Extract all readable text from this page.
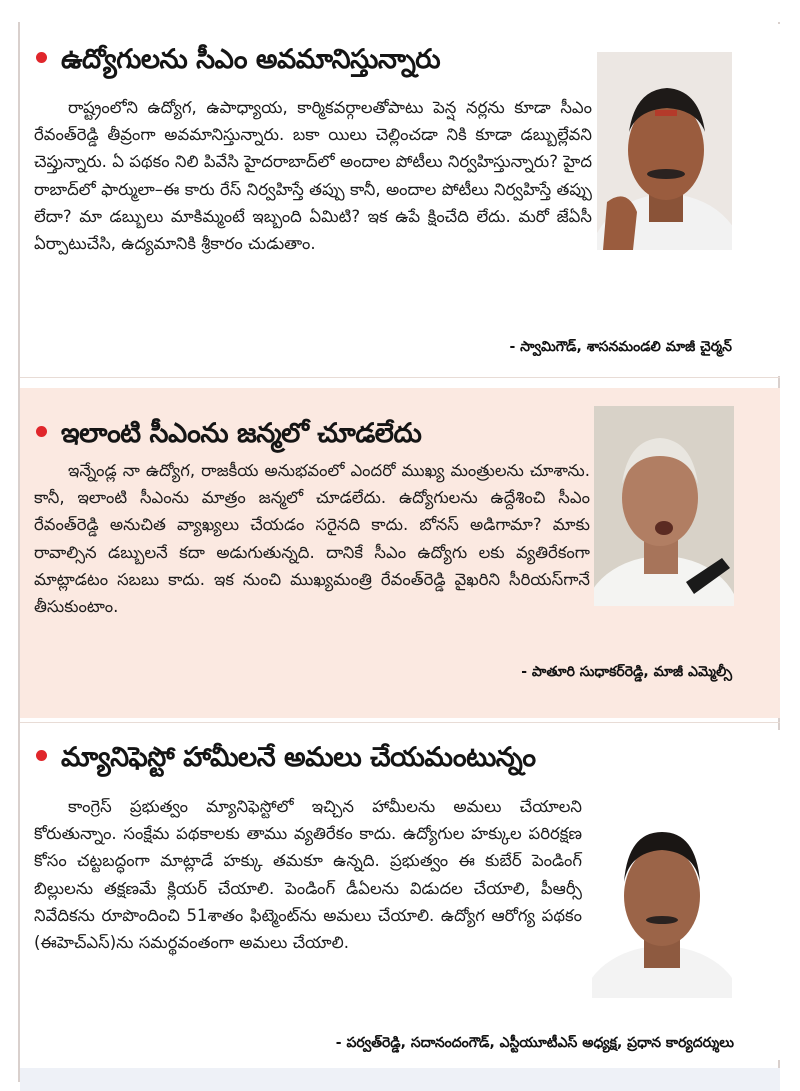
ఉద్యోగులను సీఎం అవమానిస్తున్నారు
రాష్ట్రంలోని ఉద్యోగ, ఉపాధ్యాయ, కార్మికవర్గాలతోపాటు పెన్ష నర్లను కూడా సీఎం రేవంత్‌రెడ్డి తీవ్రంగా అవమానిస్తున్నారు. బకా యిలు చెల్లించడా నికి కూడా డబ్బుల్లేవని చెప్తున్నారు. ఏ పథకం నిలి పివేసి హైదరాబాద్‌లో అందాల పోటీలు నిర్వహిస్తున్నారు? హైద రాబాద్‌లో ఫార్ములా–ఈ కారు రేస్ నిర్వహిస్తే తప్పు కానీ, అందాల పోటీలు నిర్వహిస్తే తప్పు లేదా? మా డబ్బులు మాకిమ్మంటే ఇబ్బంది ఏమిటి? ఇక ఉపే క్షించేది లేదు. మరో జేఏసీ ఏర్పాటుచేసి, ఉద్యమానికి శ్రీకారం చుడుతాం.
- స్వామిగౌడ్, శాసనమండలి మాజీ చైర్మన్
ఇలాంటి సీఎంను జన్మలో చూడలేదు
ఇన్నేండ్ల నా ఉద్యోగ, రాజకీయ అనుభవంలో ఎందరో ముఖ్య మంత్రులను చూశాను. కానీ, ఇలాంటి సీఎంను మాత్రం జన్మలో చూడలేదు. ఉద్యోగులను ఉద్దేశించి సీఎం రేవంత్‌రెడ్డి అనుచిత వ్యాఖ్యలు చేయడం సరైనది కాదు. బోనస్ అడిగామా? మాకు రావాల్సిన డబ్బులనే కదా అడుగుతున్నది. దానికే సీఎం ఉద్యోగు లకు వ్యతిరేకంగా మాట్లాడటం సబబు కాదు. ఇక నుంచి ముఖ్యమంత్రి రేవంత్‌రెడ్డి వైఖరిని సీరియస్‌గానే తీసుకుంటాం.
- పాతూరి సుధాకర్‌రెడ్డి, మాజీ ఎమ్మెల్సీ
మ్యానిఫెస్టో హామీలనే అమలు చేయమంటున్నం
కాంగ్రెస్ ప్రభుత్వం మ్యానిఫెస్టోలో ఇచ్చిన హామీలను అమలు చేయాలని కోరుతున్నాం. సంక్షేమ పథకాలకు తాము వ్యతిరేకం కాదు. ఉద్యోగుల హక్కుల పరిరక్షణ కోసం చట్టబద్ధంగా మాట్లాడే హక్కు తమకూ ఉన్నది. ప్రభుత్వం ఈ కుబేర్ పెండింగ్ బిల్లులను తక్షణమే క్లియర్ చేయాలి. పెండింగ్ డీఏలను విడుదల చేయాలి, పీఆర్సీ నివేదికను రూపొందించి 51శాతం ఫిట్మెంట్‌ను అమలు చేయాలి. ఉద్యోగ ఆరోగ్య పథకం (ఈహెచ్‌ఎస్)ను సమర్థవంతంగా అమలు చేయాలి.
- పర్వత్‌రెడ్డి, సదానందంగౌడ్, ఎస్టీయూటీఎస్ అధ్యక్ష, ప్రధాన కార్యదర్శులు
